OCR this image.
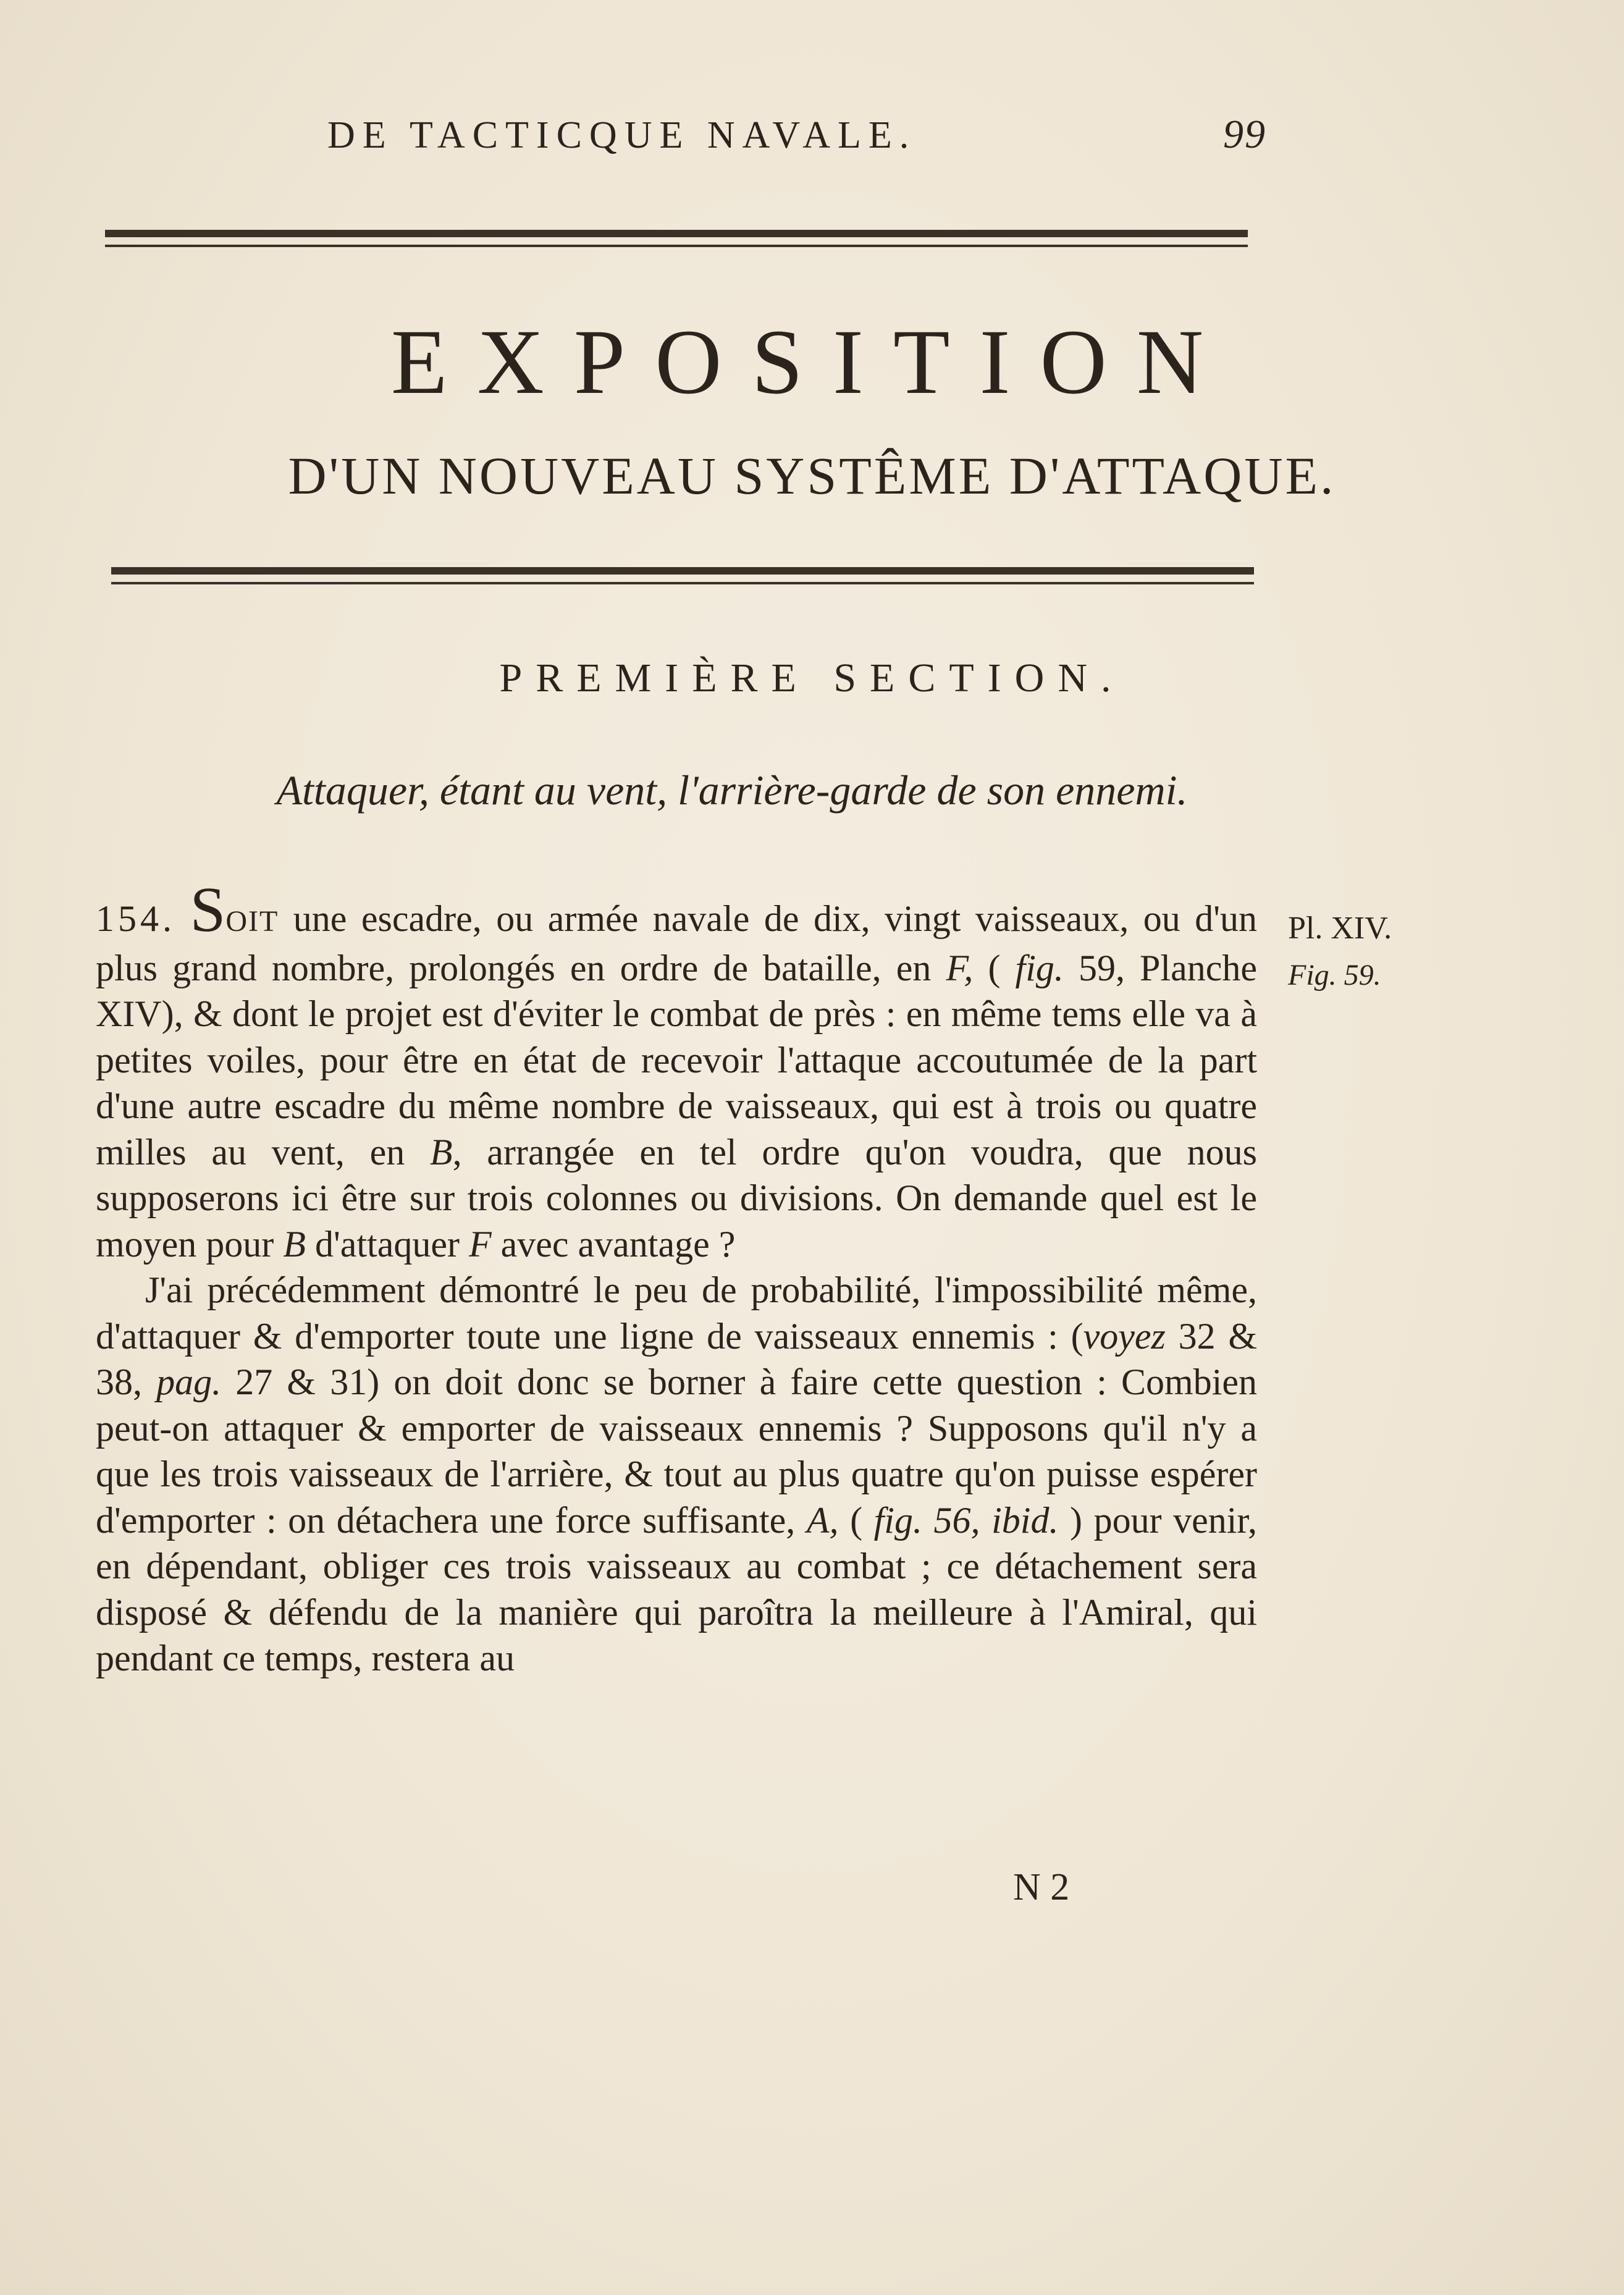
DE TACTICQUE NAVALE.	99
EXPOSITION
D'UN NOUVEAU SYSTÊME D'ATTAQUE.
PREMIÈRE SECTION.
Attaquer, étant au vent, l'arrière-garde de son ennemi.

154. SOIT une escadre, ou armée navale de dix, vingt vaisseaux, ou d'un plus grand nombre, prolongés en ordre de bataille, en F, ( fig. 59, Planche XIV), & dont le projet est d'éviter le combat de près : en même tems elle va à petites voiles, pour être en état de recevoir l'attaque accoutumée de la part d'une autre escadre du même nombre de vaisseaux, qui est à trois ou quatre milles au vent, en B, arrangée en tel ordre qu'on voudra, que nous supposerons ici être sur trois colonnes ou divisions. On demande quel est le moyen pour B d'attaquer F avec avantage ?

J'ai précédemment démontré le peu de probabilité, l'impossibilité même, d'attaquer & d'emporter toute une ligne de vaisseaux ennemis : (voyez 32 & 38, pag. 27 & 31) on doit donc se borner à faire cette question : Combien peut-on attaquer & emporter de vaisseaux ennemis ? Supposons qu'il n'y a que les trois vaisseaux de l'arrière, & tout au plus quatre qu'on puisse espérer d'emporter : on détachera une force suffisante, A, ( fig. 56, ibid. ) pour venir, en dépendant, obliger ces trois vaisseaux au combat ; ce détachement sera disposé & défendu de la manière qui paroîtra la meilleure à l'Amiral, qui pendant ce temps, restera au

Pl. XIV.
Fig. 59.
N 2
